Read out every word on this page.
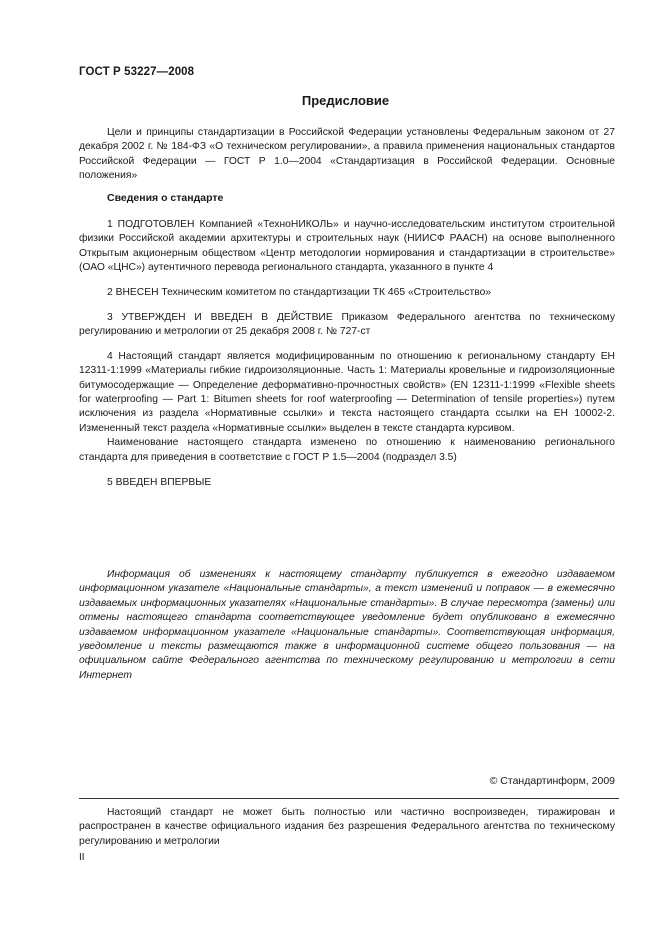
ГОСТ Р 53227—2008
Предисловие

Цели и принципы стандартизации в Российской Федерации установлены Федеральным законом от 27 декабря 2002 г. № 184-ФЗ «О техническом регулировании», а правила применения национальных стандартов Российской Федерации — ГОСТ Р 1.0—2004 «Стандартизация в Российской Федерации. Основные положения»

Сведения о стандарте

1 ПОДГОТОВЛЕН Компанией «ТехноНИКОЛЬ» и научно-исследовательским институтом строительной физики Российской академии архитектуры и строительных наук (НИИСФ РААСН) на основе выполненного Открытым акционерным обществом «Центр методологии нормирования и стандартизации в строительстве» (ОАО «ЦНС») аутентичного перевода регионального стандарта, указанного в пункте 4

2 ВНЕСЕН Техническим комитетом по стандартизации ТК 465 «Строительство»

3 УТВЕРЖДЕН И ВВЕДЕН В ДЕЙСТВИЕ Приказом Федерального агентства по техническому регулированию и метрологии от 25 декабря 2008 г. № 727-ст

4 Настоящий стандарт является модифицированным по отношению к региональному стандарту ЕН 12311-1:1999 «Материалы гибкие гидроизоляционные. Часть 1: Материалы кровельные и гидроизоляционные битумосодержащие — Определение деформативно-прочностных свойств» (EN 12311-1:1999 «Flexible sheets for waterproofing — Part 1: Bitumen sheets for roof waterproofing — Determination of tensile properties») путем исключения из раздела «Нормативные ссылки» и текста настоящего стандарта ссылки на ЕН 10002-2. Измененный текст раздела «Нормативные ссылки» выделен в тексте стандарта курсивом.

Наименование настоящего стандарта изменено по отношению к наименованию регионального стандарта для приведения в соответствие с ГОСТ Р 1.5—2004 (подраздел 3.5)

5 ВВЕДЕН ВПЕРВЫЕ

Информация об изменениях к настоящему стандарту публикуется в ежегодно издаваемом информационном указателе «Национальные стандарты», а текст изменений и поправок — в ежемесячно издаваемых информационных указателях «Национальные стандарты». В случае пересмотра (замены) или отмены настоящего стандарта соответствующее уведомление будет опубликовано в ежемесячно издаваемом информационном указателе «Национальные стандарты». Соответствующая информация, уведомление и тексты размещаются также в информационной системе общего пользования — на официальном сайте Федерального агентства по техническому регулированию и метрологии в сети Интернет

© Стандартинформ, 2009

Настоящий стандарт не может быть полностью или частично воспроизведен, тиражирован и распространен в качестве официального издания без разрешения Федерального агентства по техническому регулированию и метрологии

II
